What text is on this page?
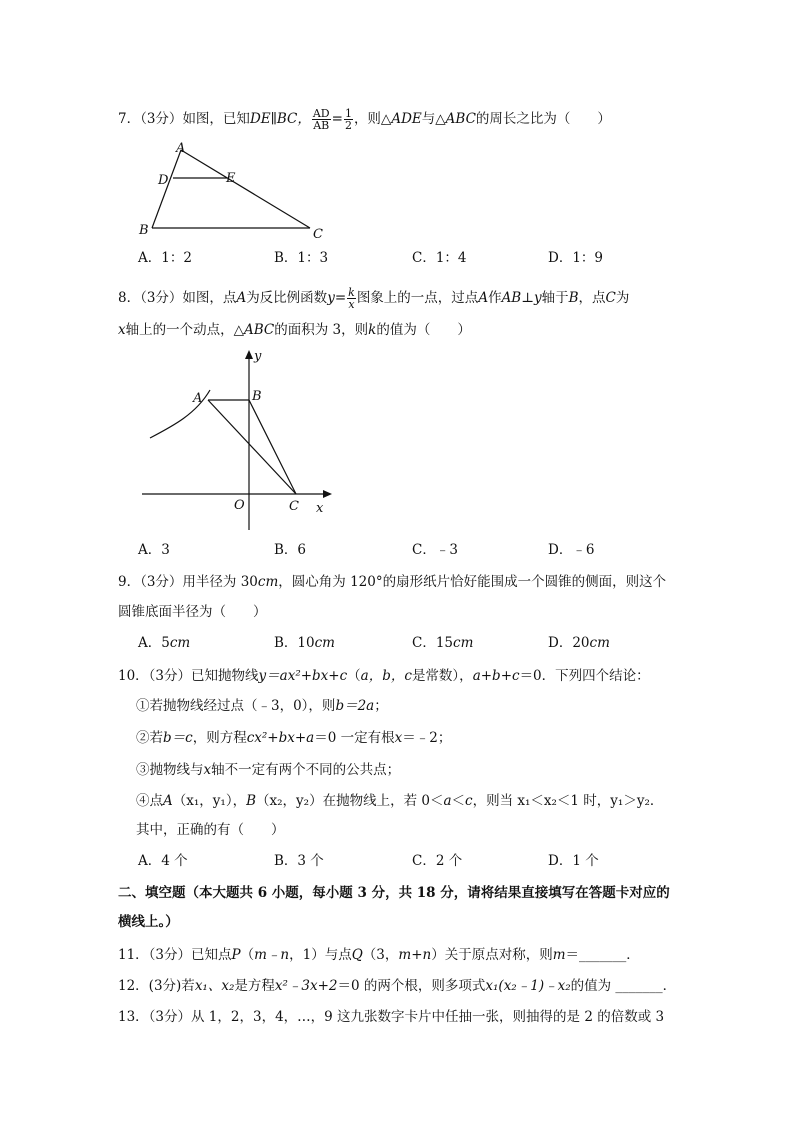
7．（3分）如图，已知DE∥BC， $\frac{AD}{AB} = \frac{1}{2}$ ，则△ADE与△ABC的周长之比为（　　）
A
D	E
B	C
A．1：2	B．1：3	C．1：4	D．1：9
8．（3分）如图，点A为反比例函数$y= \frac{k}{x}$ 图象上的一点，过点A作AB⊥y轴于B，点C为
x轴上的一个动点，△ABC的面积为 3，则k的值为（　　）
y
A	B
O	C x
A．3	B．6	C．﹣3	D．﹣6
9．（3分）用半径为 30cm，圆心角为 120°的扇形纸片恰好能围成一个圆锥的侧面，则这个
圆锥底面半径为（　　）
A．5cm	B．10cm	C．15cm	D．20cm
10．（3分）已知抛物线y＝ax²+bx+c（a，b，c是常数），a+b+c＝0．下列四个结论：
①若抛物线经过点（﹣3，0），则b＝2a；
②若b＝c，则方程cx²+bx+a＝0 一定有根x＝﹣2；
③抛物线与x轴不一定有两个不同的公共点；
④点A（x₁，y₁），B（x₂，y₂）在抛物线上，若 0＜a＜c，则当 x₁＜x₂＜1 时，y₁＞y₂．
其中，正确的有（　　）
A．4 个	B．3 个	C．2 个	D．1 个
二、填空题（本大题共 6 小题，每小题 3 分，共 18 分，请将结果直接填写在答题卡对应的
横线上。）
11．（3分）已知点P（m﹣n，1）与点Q（3，m+n）关于原点对称，则m＝_______．
12．(3分)若x₁、x₂是方程x²﹣3x+2＝0 的两个根，则多项式x₁(x₂﹣1)﹣x₂的值为 _______．
13．（3分）从 1，2，3，4，…，9 这九张数字卡片中任抽一张，则抽得的是 2 的倍数或 3
